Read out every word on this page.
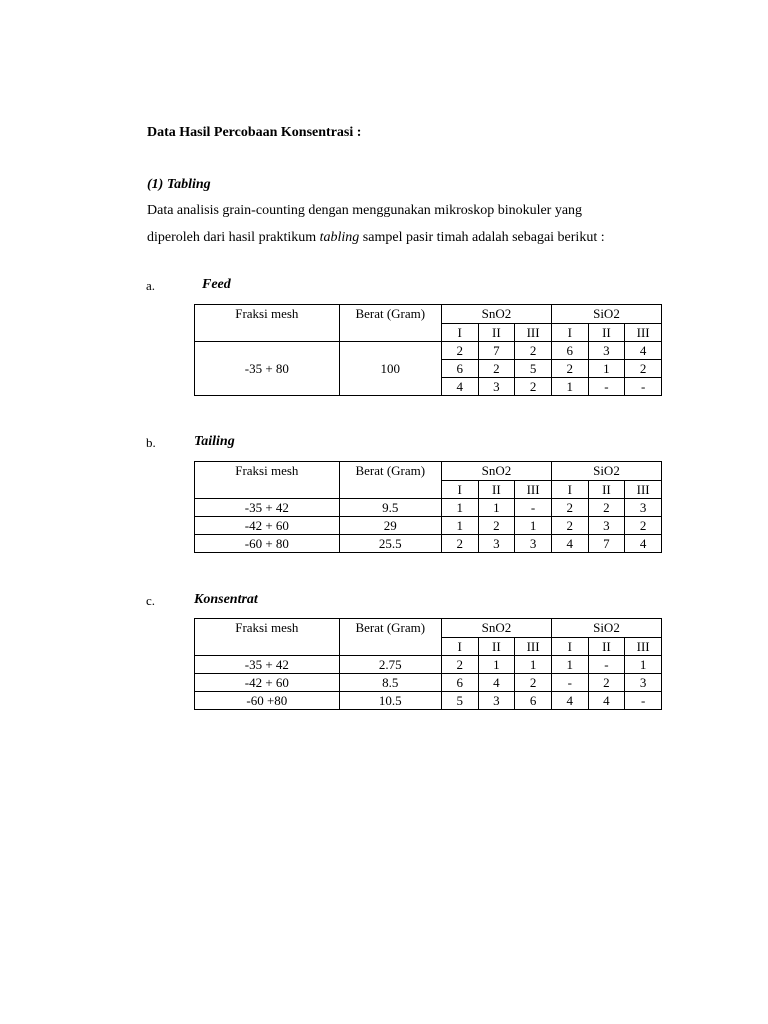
Data Hasil Percobaan Konsentrasi :
(1) Tabling
Data analisis grain-counting dengan menggunakan mikroskop binokuler yang
diperoleh dari hasil praktikum tabling sampel pasir timah adalah sebagai berikut :
a.	Feed
Fraksi mesh	Berat (Gram)	SnO2			SiO2		
		I	II	III	I	II	III
-35 + 80	100	2	7	2	6	3	4
		6	2	5	2	1	2
		4	3	2	1	-	-
b.	Tailing
Fraksi mesh	Berat (Gram)	SnO2			SiO2		
		I	II	III	I	II	III
-35 + 42	9.5	1	1	-	2	2	3
-42 + 60	29	1	2	1	2	3	2
-60 + 80	25.5	2	3	3	4	7	4
c.	Konsentrat
Fraksi mesh	Berat (Gram)	SnO2			SiO2		
		I	II	III	I	II	III
-35 + 42	2.75	2	1	1	1	-	1
-42 + 60	8.5	6	4	2	-	2	3
-60 +80	10.5	5	3	6	4	4	-
